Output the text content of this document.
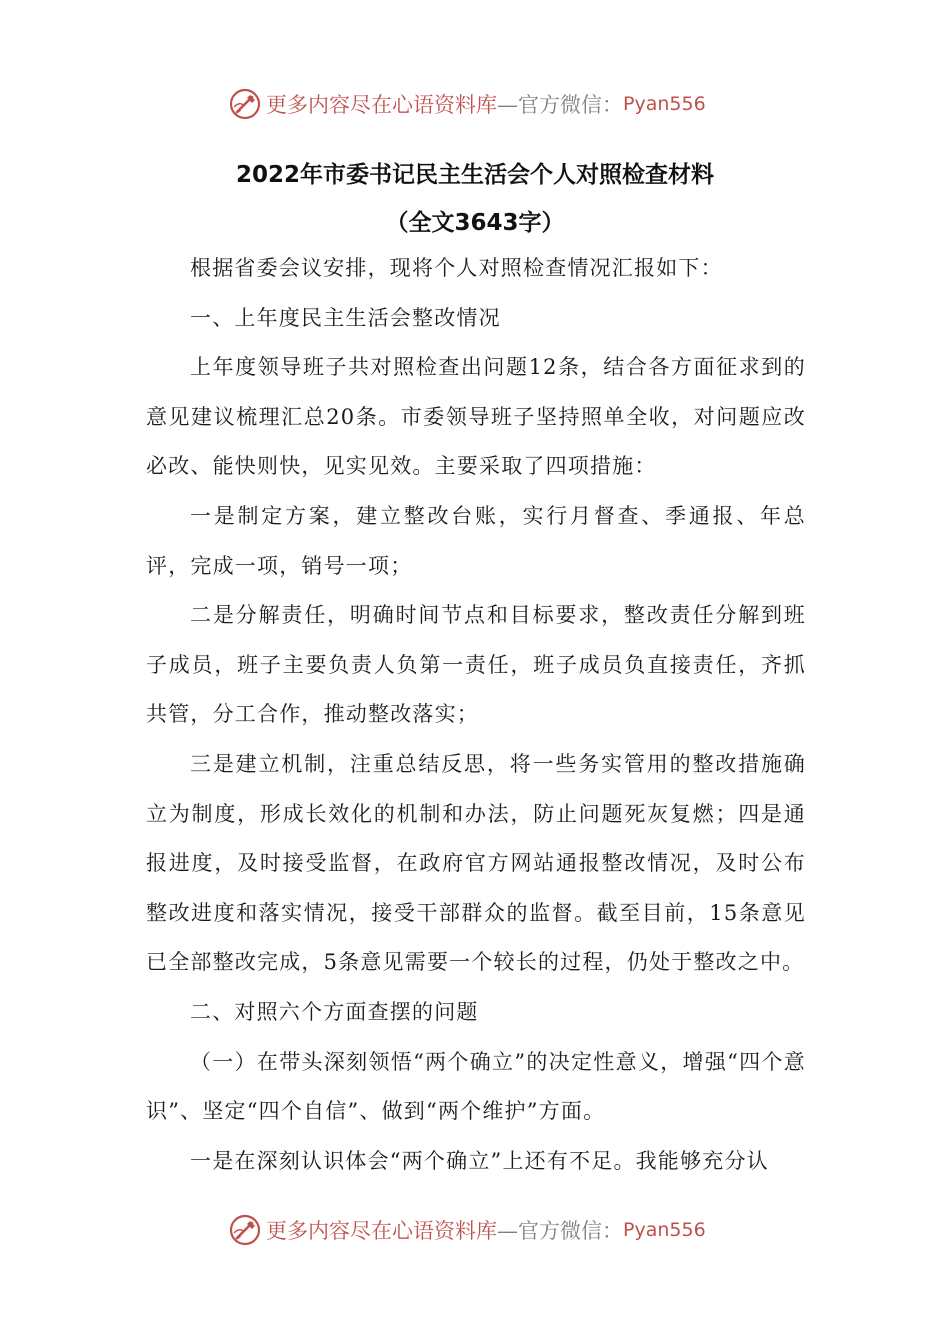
更多内容尽在心语资料库 —官方微信： Pyan556
2022年市委书记民主生活会个人对照检查材料
（全文3643字）

根据省委会议安排，现将个人对照检查情况汇报如下：

一、上年度民主生活会整改情况

上年度领导班子共对照检查出问题12条，结合各方面征求到的意见建议梳理汇总20条。市委领导班子坚持照单全收，对问题应改必改、能快则快，见实见效。主要采取了四项措施：

一是制定方案，建立整改台账，实行月督查、季通报、年总评，完成一项，销号一项；

二是分解责任，明确时间节点和目标要求，整改责任分解到班子成员，班子主要负责人负第一责任，班子成员负直接责任，齐抓共管，分工合作，推动整改落实；

三是建立机制，注重总结反思，将一些务实管用的整改措施确立为制度，形成长效化的机制和办法，防止问题死灰复燃；四是通报进度，及时接受监督，在政府官方网站通报整改情况，及时公布整改进度和落实情况，接受干部群众的监督。截至目前，15条意见已全部整改完成，5条意见需要一个较长的过程，仍处于整改之中。

二、对照六个方面查摆的问题

（一）在带头深刻领悟“两个确立”的决定性意义，增强“四个意识”、坚定“四个自信”、做到“两个维护”方面。

一是在深刻认识体会“两个确立”上还有不足。我能够充分认

更多内容尽在心语资料库 —官方微信： Pyan556
